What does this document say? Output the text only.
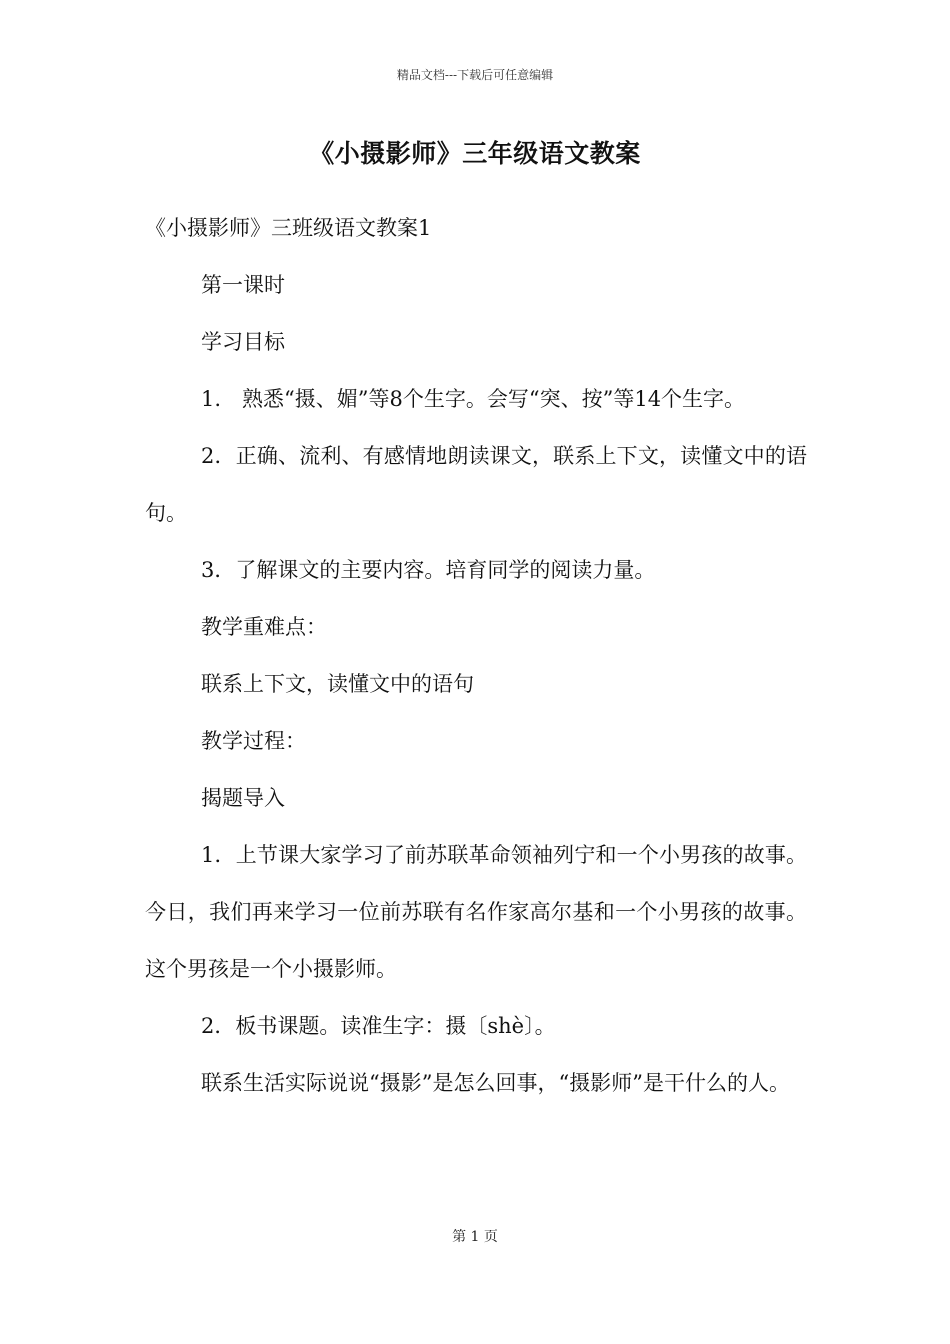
精品文档---下载后可任意编辑
《小摄影师》三年级语文教案

《小摄影师》三班级语文教案1

第一课时

学习目标

1.　熟悉“摄、媚”等8个生字。会写“突、按”等14个生字。

2．正确、流利、有感情地朗读课文，联系上下文，读懂文中的语句。

3．了解课文的主要内容。培育同学的阅读力量。

教学重难点：

联系上下文，读懂文中的语句

教学过程：

揭题导入

1．上节课大家学习了前苏联革命领袖列宁和一个小男孩的故事。今日，我们再来学习一位前苏联有名作家高尔基和一个小男孩的故事。这个男孩是一个小摄影师。

2．板书课题。读准生字：摄〔shè〕。

联系生活实际说说“摄影”是怎么回事，“摄影师”是干什么的人。

第 1 页
